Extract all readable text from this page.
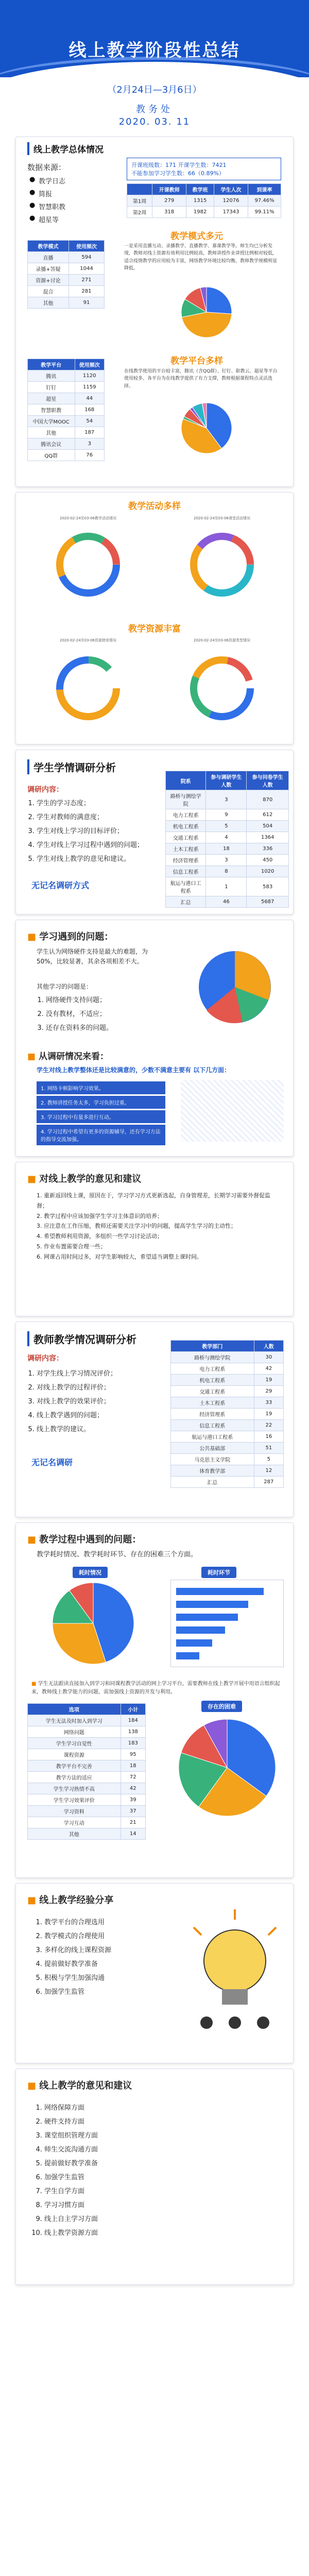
线上教学阶段性总结
（2月24日—3月6日）
教务处
2020. 03. 11
线上教学总体情况
数据来源：
● 教学日志
● 简报
● 智慧职教
● 超星等
开课班级数：171 开课学生数：7421
不能参加学习学生数：66（0.89%）
	开课教师	教学班	学生人次	到课率
第1周	279	1315	12076	97.46%
第2周	318	1982	17343	99.11%
教学模式	使用频次
直播	594
录播+答疑	1044
资源+讨论	271
混合	281
其他	91
教学模式多元
一是采用直播互动、录播教学、直播教学、慕课教学等。师生均已分析发现，教师对线上资源有效利用比例较高，教师讲授作业讲授比例相对较低，适合疫情教学的应用较为丰富，网络教学环境比较均衡，教师教学规模明显降低。
教学平台多样
在线教学使用的平台较丰富，腾讯（含QQ群）、钉钉、职教云、超星等平台使用较多。各平台为在线教学提供了有力支撑，教师根据课程特点灵活选择。
教学平台	使用频次
腾讯	1120
钉钉	1159
超星	44
智慧职教	168
中国大学MOOC	54
其他	187
腾讯会议	3
QQ群	76
教学活动多样
2020-02-24至03-06教学活动情况	2020-02-24至03-06课堂活动情况
教学资源丰富
2020-02-24至03-06资源使用情况	2020-02-24至03-06资源类型情况
学生学情调研分析
调研内容：
1. 学生的学习态度；
2. 学生对教师的满意度；
3. 学生对线上学习的目标评价；
4. 学生对线上学习过程中遇到的问题；
5. 学生对线上教学的意见和建议。
无记名调研方式
院系	参与调研学生人数	参与问卷学生人数
路桥与测绘学院	3	870
电力工程系	9	612
机电工程系	5	504
交通工程系	4	1364
土木工程系	18	336
经济管理系	3	450
信息工程系	8	1020
航运与港口工程系	1	583
汇总	46	5687
■ 学习遇到的问题：
学生认为网络硬件支持是最大的难题，为50%，比较显著，其余各项相差不大。
其他学习的问题是：
1. 网络硬件支持问题；
2. 没有教材，不适应；
3. 还存在资料多的问题。
■ 从调研情况来看：
学生对线上教学整体还是比较满意的，少数不满意主要有 以下几方面：
1. 网络卡顿影响学习效果。
2. 教师讲授任务太多，学习负担过重。
3. 学习过程中有量多进行互动。
4. 学习过程中希望有更多的资源辅导，还有学习方法的指导交流加强。
■ 对线上教学的意见和建议
1. 重新返回线上课，原因在于，学习学习方式更新选起，自身管理差，长期学习需要外督促监督；
2. 教学过程中应该加强学生学习主体意识的培养；
3. 应注意在工作压缩，教师还需要关注学习中的问题，提高学生学习的主动性；
4. 希望教师利用资源，多组织一些学习讨论活动；
5. 作业布置需要合理一些；
6. 网课占用时间过多，对学生影响较大，希望适当调整上课时间。
教师教学情况调研分析
调研内容：
1. 对学生线上学习情况评价；
2. 对线上教学的过程评价；
3. 对线上教学的效果评价；
4. 线上教学遇到的问题；
5. 线上教学的建议。
无记名调研
教学部门	人数
路桥与测绘学院	30
电力工程系	42
机电工程系	19
交通工程系	29
土木工程系	33
经济管理系	19
信息工程系	22
航运与港口工程系	16
公共基础部	51
马克思主义学院	5
体育教学部	12
汇总	287
■ 教学过程中遇到的问题：
教学耗时情况、教学耗时环节、存在的困难三个方面。
耗时情况	耗时环节
■ 学生无法跟读直接加入到学习和同课程教学活动的网上学习平台，需要教师在线上教学开展中用语言组织起来，教师线上教学能力的问题，需加强线上资源的开发与利用。
选项	小计
学生无法及时加入到学习	184
网络问题	138
学生学习自觉性	183
课程资源	95
教学平台不完善	18
教学方法的适应	72
学生学习热情不高	42
学生学习效果评价	39
学习资料	37
学习互动	21
其他	14
存在的困难
■ 线上教学经验分享
1. 教学平台的合理选用
2. 教学模式的合理使用
3. 多样化的线上课程资源
4. 提前做好教学准备
5. 积极与学生加强沟通
6. 加强学生监管
■ 线上教学的意见和建议
1. 网络保障方面
2. 硬件支持方面
3. 课堂组织管理方面
4. 师生交流沟通方面
5. 提前做好教学准备
6. 加强学生监管
7. 学生自学方面
8. 学习习惯方面
9. 线上自主学习方面
10. 线上教学资源方面
